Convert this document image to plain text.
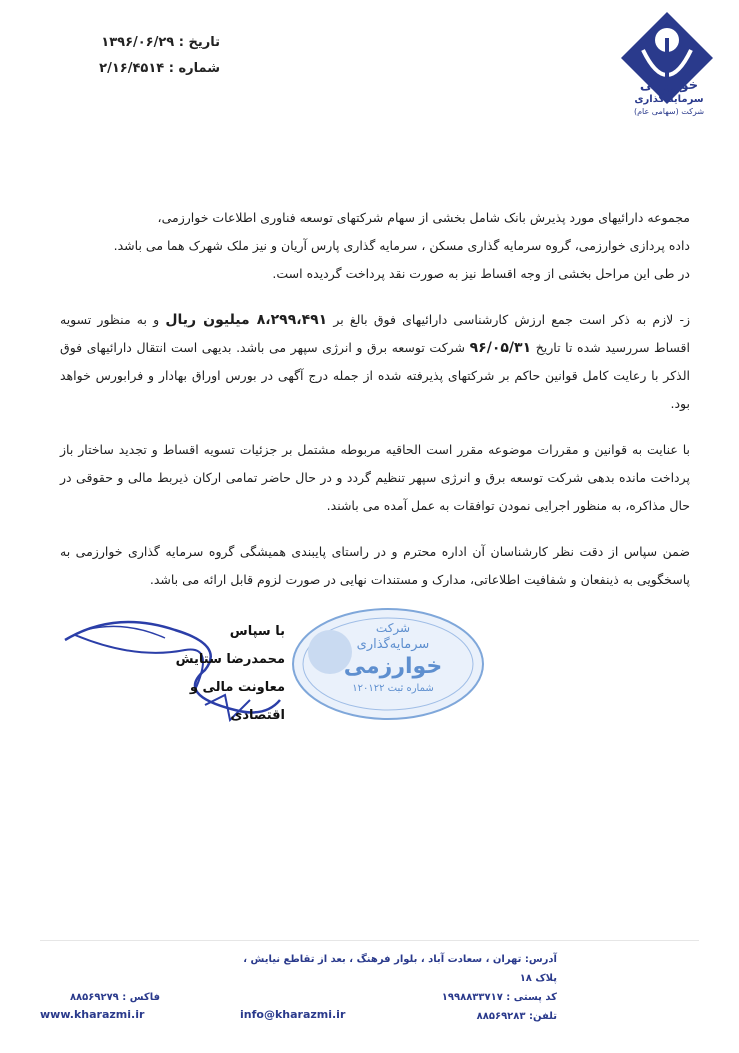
تاریخ : ۱۳۹۶/۰۶/۲۹
شماره : ۲/۱۶/۴۵۱۴
خوارزمی
سرمایه گذاری
شرکت (سهامی عام)

مجموعه دارائیهای مورد پذیرش بانک شامل بخشی از سهام شرکتهای توسعه فناوری اطلاعات خوارزمی،
داده پردازی خوارزمی، گروه سرمایه گذاری مسکن ، سرمایه گذاری پارس آریان و نیز ملک شهرک هما می باشد.
در طی این مراحل بخشی از وجه اقساط نیز به صورت نقد پرداخت گردیده است.

ز- لازم به ذکر است جمع ارزش کارشناسی دارائیهای فوق بالغ بر ۸،۲۹۹،۴۹۱ میلیون ریال و به منظور تسویه اقساط سررسید شده تا تاریخ ۹۶/۰۵/۳۱ شرکت توسعه برق و انرژی سپهر می باشد. بدیهی است انتقال دارائیهای فوق الذکر با رعایت کامل قوانین حاکم بر شرکتهای پذیرفته شده از جمله درج آگهی در بورس اوراق بهادار و فرابورس خواهد بود.

با عنایت به قوانین و مقررات موضوعه مقرر است الحاقیه مربوطه مشتمل بر جزئیات تسویه اقساط و تجدید ساختار باز پرداخت مانده بدهی شرکت توسعه برق و انرژی سپهر تنظیم گردد و در حال حاضر تمامی ارکان ذیربط مالی و حقوقی در حال مذاکره، به منظور اجرایی نمودن توافقات به عمل آمده می باشند.

ضمن سپاس از دقت نظر کارشناسان آن اداره محترم و در راستای پایبندی همیشگی گروه سرمایه گذاری خوارزمی به پاسخگویی به ذینفعان و شفافیت اطلاعاتی، مدارک و مستندات نهایی در صورت لزوم قابل ارائه می باشد.

با سپاس
محمدرضا ستایش
معاونت مالی و اقتصادی
شرکت
سرمایه‌گذاری
خوارزمی
شماره ثبت ۱۲۰۱۲۲
آدرس: تهران ، سعادت آباد ، بلوار فرهنگ ، بعد از تقاطع نیایش ، پلاک ۱۸
کد پستی : ۱۹۹۸۸۳۳۷۱۷
تلفن: ۸۸۵۶۹۲۸۳
فاکس : ۸۸۵۶۹۲۷۹
www.kharazmi.ir	info@kharazmi.ir
